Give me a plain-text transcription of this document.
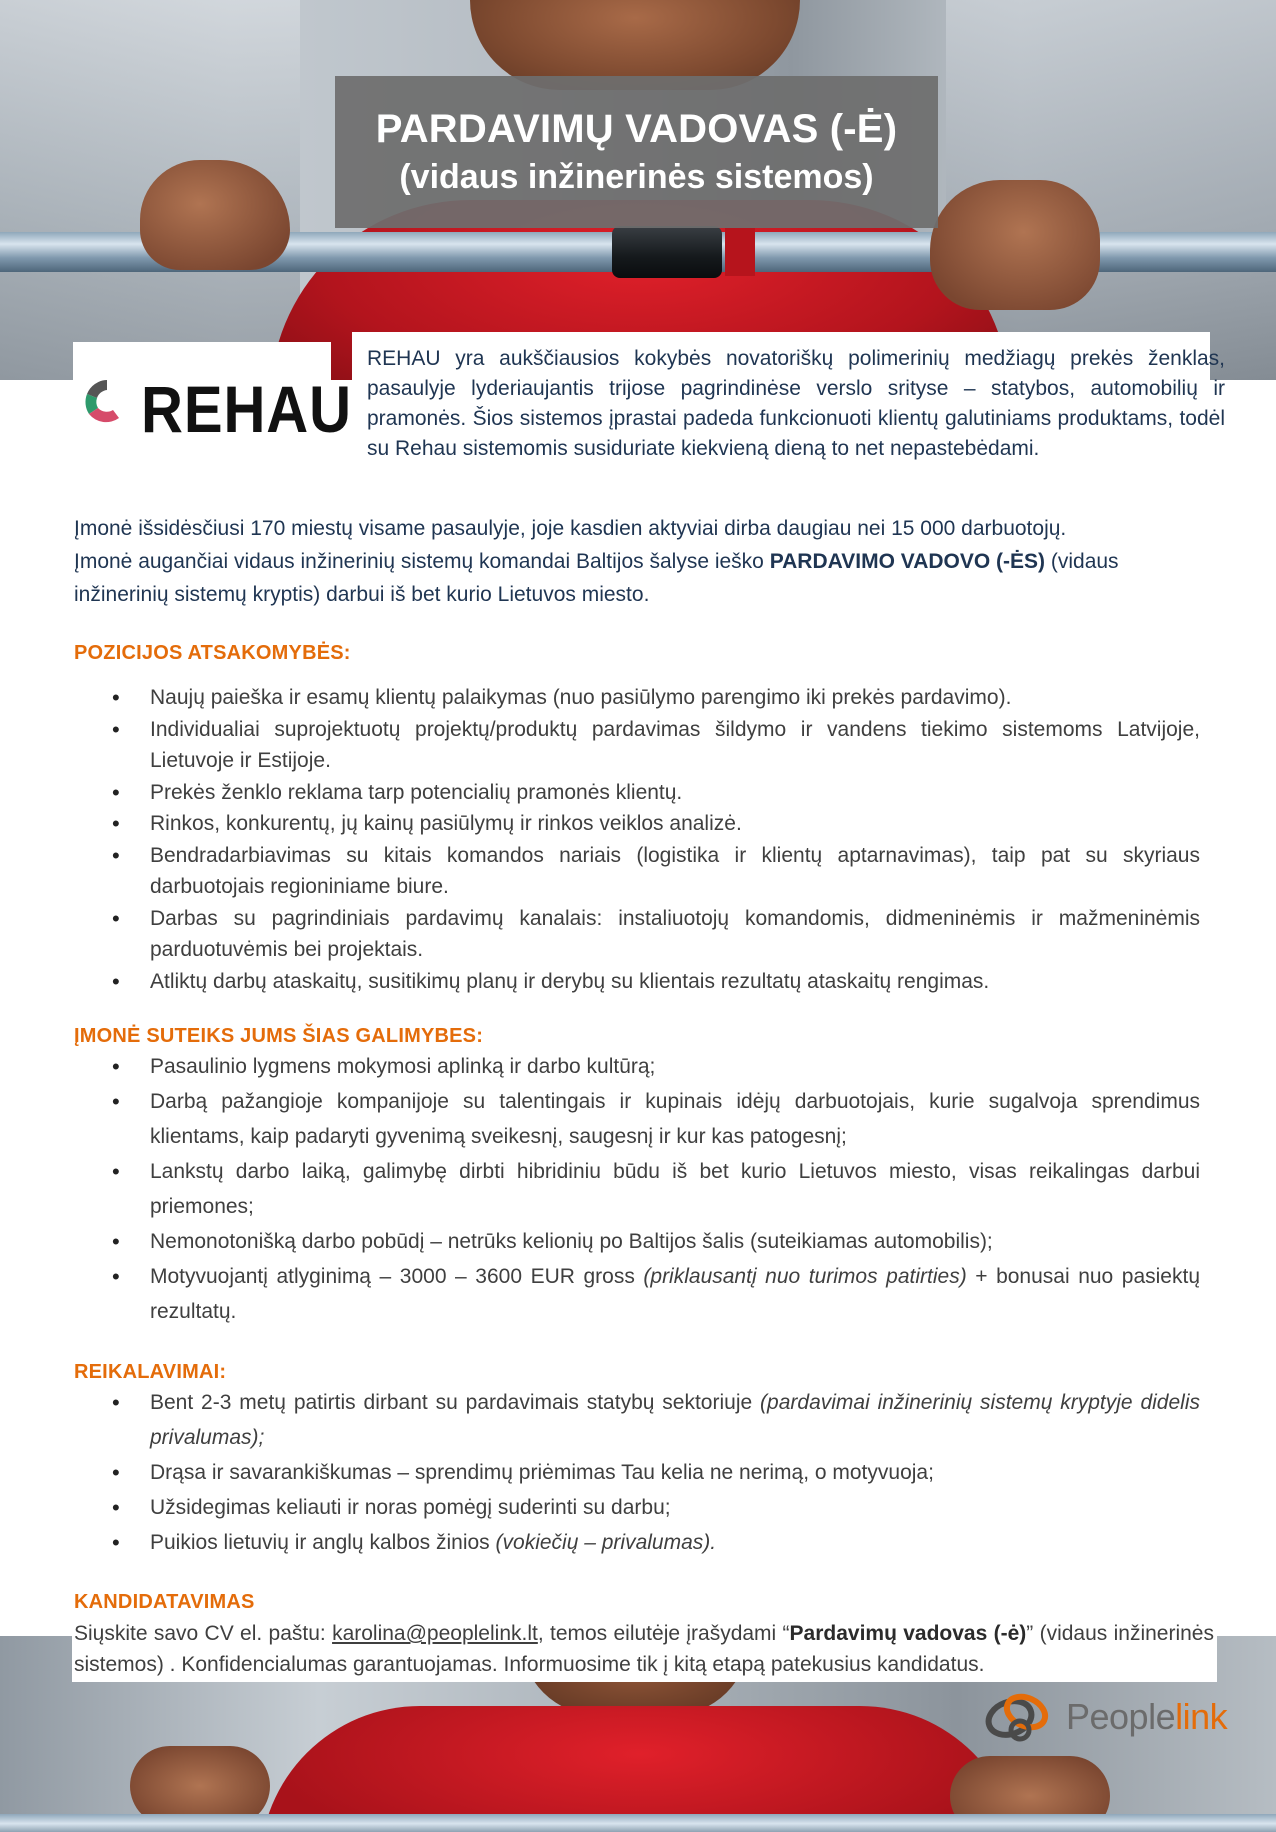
PARDAVIMŲ VADOVAS (-Ė)
(vidaus inžinerinės sistemos)
REHAU

REHAU yra aukščiausios kokybės novatoriškų polimerinių medžiagų prekės ženklas, pasaulyje lyderiaujantis trijose pagrindinėse verslo srityse – statybos, automobilių ir pramonės. Šios sistemos įprastai padeda funkcionuoti klientų galutiniams produktams, todėl su Rehau sistemomis susiduriate kiekvieną dieną to net nepastebėdami.

Įmonė išsidėsčiusi 170 miestų visame pasaulyje, joje kasdien aktyviai dirba daugiau nei 15 000 darbuotojų.
Įmonė augančiai vidaus inžinerinių sistemų komandai Baltijos šalyse ieško PARDAVIMO VADOVO (-ĖS) (vidaus inžinerinių sistemų kryptis) darbui iš bet kurio Lietuvos miesto.

POZICIJOS ATSAKOMYBĖS:
• Naujų paieška ir esamų klientų palaikymas (nuo pasiūlymo parengimo iki prekės pardavimo).
• Individualiai suprojektuotų projektų/produktų pardavimas šildymo ir vandens tiekimo sistemoms Latvijoje, Lietuvoje ir Estijoje.
• Prekės ženklo reklama tarp potencialių pramonės klientų.
• Rinkos, konkurentų, jų kainų pasiūlymų ir rinkos veiklos analizė.
• Bendradarbiavimas su kitais komandos nariais (logistika ir klientų aptarnavimas), taip pat su skyriaus darbuotojais regioniniame biure.
• Darbas su pagrindiniais pardavimų kanalais: instaliuotojų komandomis, didmeninėmis ir mažmeninėmis parduotuvėmis bei projektais.
• Atliktų darbų ataskaitų, susitikimų planų ir derybų su klientais rezultatų ataskaitų rengimas.
ĮMONĖ SUTEIKS JUMS ŠIAS GALIMYBES:
• Pasaulinio lygmens mokymosi aplinką ir darbo kultūrą;
• Darbą pažangioje kompanijoje su talentingais ir kupinais idėjų darbuotojais, kurie sugalvoja sprendimus klientams, kaip padaryti gyvenimą sveikesnį, saugesnį ir kur kas patogesnį;
• Lankstų darbo laiką, galimybę dirbti hibridiniu būdu iš bet kurio Lietuvos miesto, visas reikalingas darbui priemones;
• Nemonotonišką darbo pobūdį – netrūks kelionių po Baltijos šalis (suteikiamas automobilis);
• Motyvuojantį atlyginimą – 3000 – 3600 EUR gross (priklausantį nuo turimos patirties) + bonusai nuo pasiektų rezultatų.
REIKALAVIMAI:
• Bent 2-3 metų patirtis dirbant su pardavimais statybų sektoriuje (pardavimai inžinerinių sistemų kryptyje didelis privalumas);
• Drąsa ir savarankiškumas – sprendimų priėmimas Tau kelia ne nerimą, o motyvuoja;
• Užsidegimas keliauti ir noras pomėgį suderinti su darbu;
• Puikios lietuvių ir anglų kalbos žinios (vokiečių – privalumas).
KANDIDATAVIMAS

Siųskite savo CV el. paštu: karolina@peoplelink.lt, temos eilutėje įrašydami “Pardavimų vadovas (-ė)” (vidaus inžinerinės sistemos) . Konfidencialumas garantuojamas. Informuosime tik į kitą etapą patekusius kandidatus.

Peoplelink
